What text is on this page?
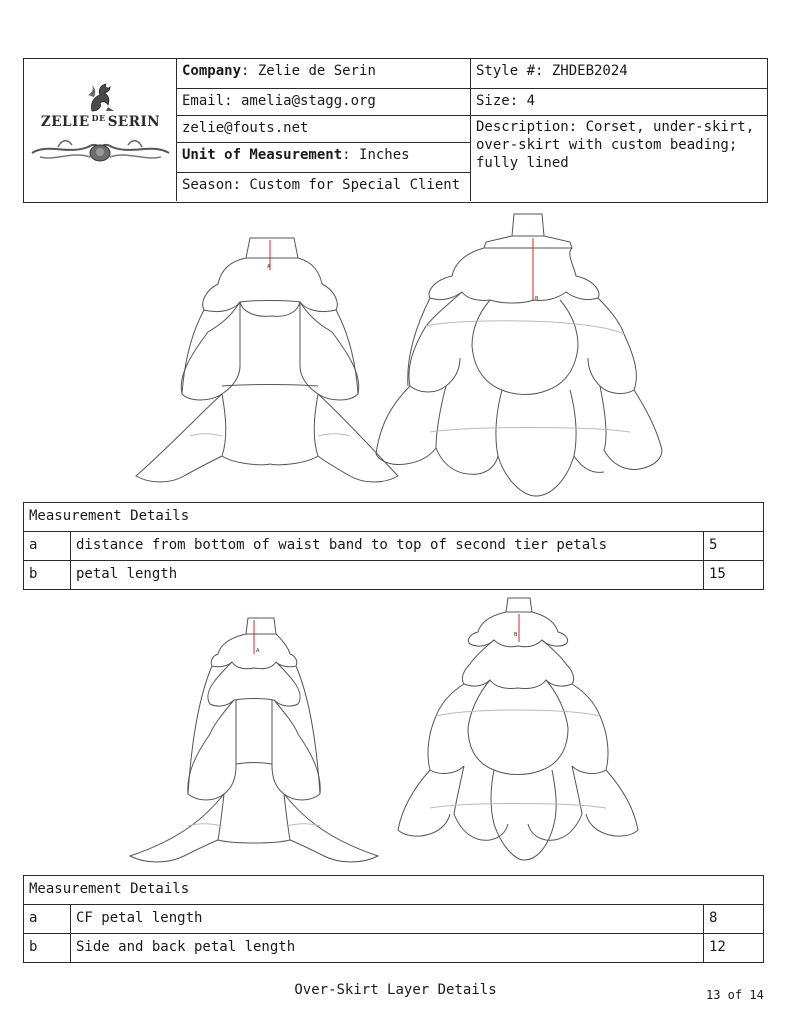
ZELIE $^{DE}$ SERIN
Company: Zelie de Serin
Email: amelia@stagg.org
zelie@fouts.net
Unit of Measurement: Inches
Season: Custom for Special Client
Style #: ZHDEB2024
Size: 4
Description: Corset, under-skirt, over-skirt with custom beading; fully lined
A
B
Measurement Details
a	distance from bottom of waist band to top of second tier petals	5
b	petal length	15
A
B
Measurement Details
a	CF petal length	8
b	Side and back petal length	12
Over-Skirt Layer Details	13 of 14
